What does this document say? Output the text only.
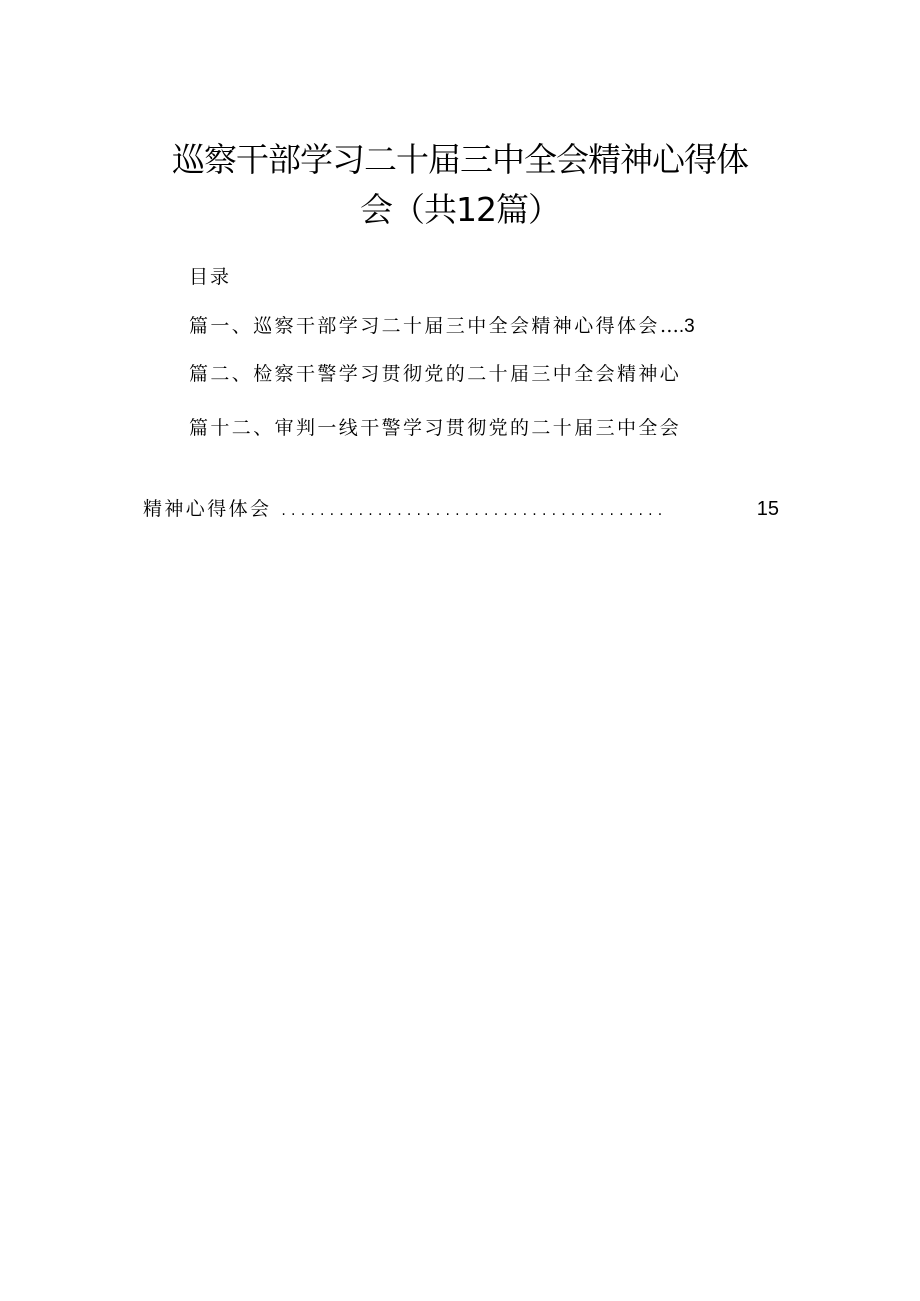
巡察干部学习二十届三中全会精神心得体
会（共12篇）
目录
篇一、巡察干部学习二十届三中全会精神心得体会….3
篇二、检察干警学习贯彻党的二十届三中全会精神心
篇十二、审判一线干警学习贯彻党的二十届三中全会
精神心得体会 ........................................	15
